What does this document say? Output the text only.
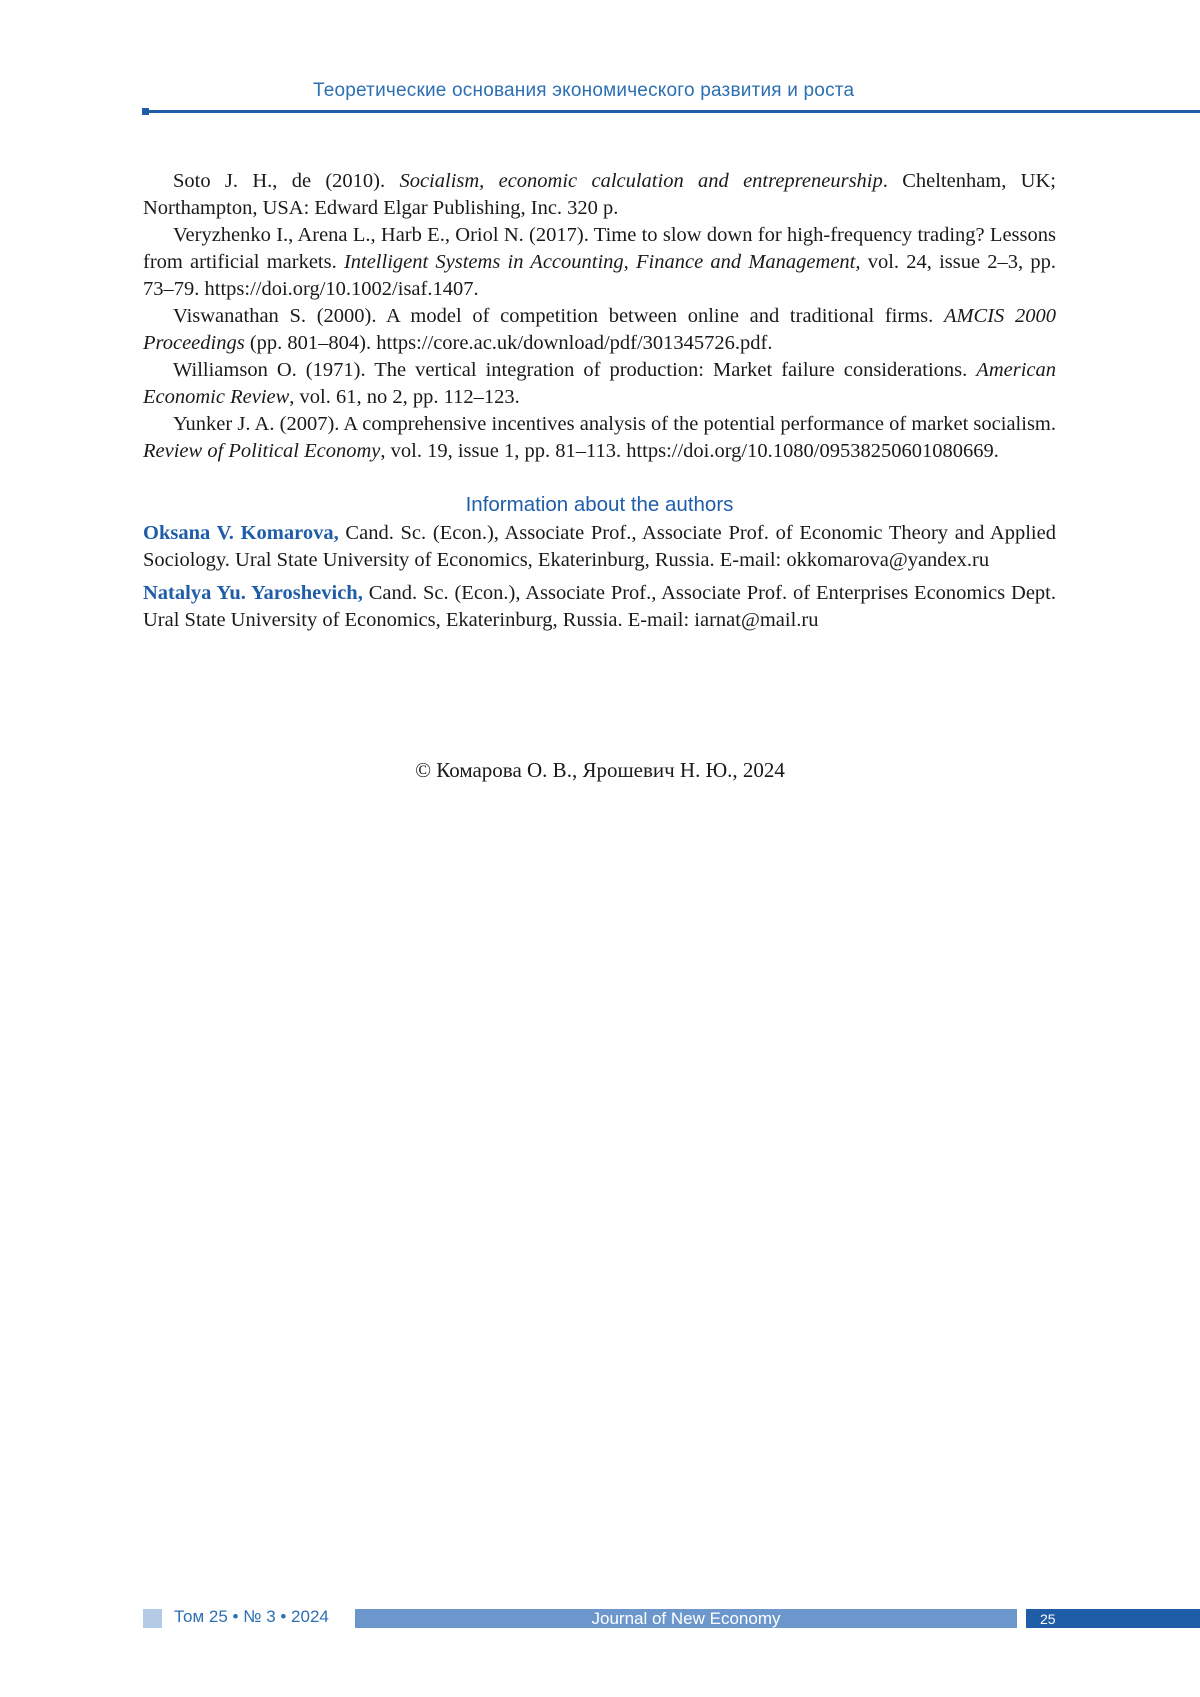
Теоретические основания экономического развития и роста

Soto J. H., de (2010). Socialism, economic calculation and entrepreneurship. Cheltenham, UK; Northampton, USA: Edward Elgar Publishing, Inc. 320 p.

Veryzhenko I., Arena L., Harb E., Oriol N. (2017). Time to slow down for high-frequency trading? Lessons from artificial markets. Intelligent Systems in Accounting, Finance and Management, vol. 24, issue 2–3, pp. 73–79. https://doi.org/10.1002/isaf.1407.

Viswanathan S. (2000). A model of competition between online and traditional firms. AMCIS 2000 Proceedings (pp. 801–804). https://core.ac.uk/download/pdf/301345726.pdf.

Williamson O. (1971). The vertical integration of production: Market failure considerations. American Economic Review, vol. 61, no 2, pp. 112–123.

Yunker J. A. (2007). A comprehensive incentives analysis of the potential performance of market socialism. Review of Political Economy, vol. 19, issue 1, pp. 81–113. https://doi.org/10.1080/09538250601080669.

Information about the authors

Oksana V. Komarova, Cand. Sc. (Econ.), Associate Prof., Associate Prof. of Economic Theory and Applied Sociology. Ural State University of Economics, Ekaterinburg, Russia. E-mail: okkomarova@yandex.ru

Natalya Yu. Yaroshevich, Cand. Sc. (Econ.), Associate Prof., Associate Prof. of Enterprises Economics Dept. Ural State University of Economics, Ekaterinburg, Russia. E-mail: iarnat@mail.ru

© Комарова О. В., Ярошевич Н. Ю., 2024
Том 25 • № 3 • 2024	Journal of New Economy	25
